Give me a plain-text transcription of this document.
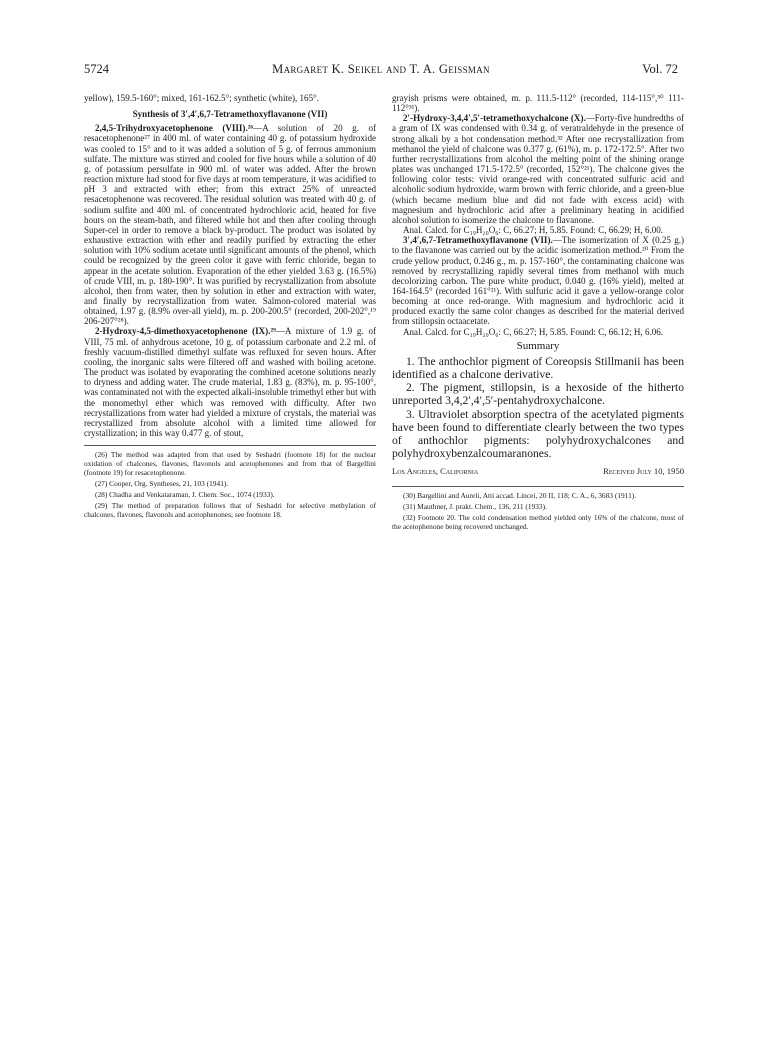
5724	Margaret K. Seikel and T. A. Geissman	Vol. 72

yellow), 159.5-160°; mixed, 161-162.5°; synthetic (white), 165°.

Synthesis of 3′,4′,6,7-Tetramethoxyflavanone (VII)

2,4,5-Trihydroxyacetophenone (VIII).²⁶—A solution of 20 g. of resacetophenone²⁷ in 400 ml. of water containing 40 g. of potassium hydroxide was cooled to 15° and to it was added a solution of 5 g. of ferrous ammonium sulfate. The mixture was stirred and cooled for five hours while a solution of 40 g. of potassium persulfate in 900 ml. of water was added. After the brown reaction mixture had stood for five days at room temperature, it was acidified to pH 3 and extracted with ether; from this extract 25% of unreacted resacetophenone was recovered. The residual solution was treated with 40 g. of sodium sulfite and 400 ml. of concentrated hydrochloric acid, heated for five hours on the steam-bath, and filtered while hot and then after cooling through Super-cel in order to remove a black by-product. The product was isolated by exhaustive extraction with ether and readily purified by extracting the ether solution with 10% sodium acetate until significant amounts of the phenol, which could be recognized by the green color it gave with ferric chloride, began to appear in the acetate solution. Evaporation of the ether yielded 3.63 g. (16.5%) of crude VIII, m. p. 180-190°. It was purified by recrystallization from absolute alcohol, then from water, then by solution in ether and extraction with water, and finally by recrystallization from water. Salmon-colored material was obtained, 1.97 g. (8.9% over-all yield), m. p. 200-200.5° (recorded, 200-202°,¹⁹ 206-207°²⁸).

2-Hydroxy-4,5-dimethoxyacetophenone (IX).²⁹—A mixture of 1.9 g. of VIII, 75 ml. of anhydrous acetone, 10 g. of potassium carbonate and 2.2 ml. of freshly vacuum-distilled dimethyl sulfate was refluxed for seven hours. After cooling, the inorganic salts were filtered off and washed with boiling acetone. The product was isolated by evaporating the combined acetone solutions nearly to dryness and adding water. The crude material, 1.83 g. (83%), m. p. 95-100°, was contaminated not with the expected alkali-insoluble trimethyl ether but with the monomethyl ether which was removed with difficulty. After two recrystallizations from water had yielded a mixture of crystals, the material was recrystallized from absolute alcohol with a limited time allowed for crystallization; in this way 0.477 g. of stout,

(26) The method was adapted from that used by Seshadri (footnote 18) for the nuclear oxidation of chalcones, flavones, flavonols and acetophenones and from that of Bargellini (footnote 19) for resacetophenone.

(27) Cooper, Org. Syntheses, 21, 103 (1941).

(28) Chadha and Venkataraman, J. Chem. Soc., 1074 (1933).

(29) The method of preparation follows that of Seshadri for selective methylation of chalcones, flavones, flavonols and acetophenones; see footnote 18.

grayish prisms were obtained, m. p. 111.5-112° (recorded, 114-115°,³⁰ 111-112°³¹).

2′-Hydroxy-3,4,4′,5′-tetramethoxychalcone (X).—Forty-five hundredths of a gram of IX was condensed with 0.34 g. of veratraldehyde in the presence of strong alkali by a hot condensation method.³² After one recrystallization from methanol the yield of chalcone was 0.377 g. (61%), m. p. 172-172.5°. After two further recrystallizations from alcohol the melting point of the shining orange plates was unchanged 171.5-172.5° (recorded, 152°²¹). The chalcone gives the following color tests: vivid orange-red with concentrated sulfuric acid and alcoholic sodium hydroxide, warm brown with ferric chloride, and a green-blue (which became medium blue and did not fade with excess acid) with magnesium and hydrochloric acid after a preliminary heating in acidified alcohol solution to isomerize the chalcone to flavanone.

Anal. Calcd. for C₁₉H₂₀O₆: C, 66.27; H, 5.85. Found: C, 66.29; H, 6.00.

3′,4′,6,7-Tetramethoxyflavanone (VII).—The isomerization of X (0.25 g.) to the flavanone was carried out by the acidic isomerization method.²⁰ From the crude yellow product, 0.246 g., m. p. 157-160°, the contaminating chalcone was removed by recrystallizing rapidly several times from methanol with much decolorizing carbon. The pure white product, 0.040 g. (16% yield), melted at 164-164.5° (recorded 161°²¹). With sulfuric acid it gave a yellow-orange color becoming at once red-orange. With magnesium and hydrochloric acid it produced exactly the same color changes as described for the material derived from stillopsin octaacetate.

Anal. Calcd. for C₁₉H₂₀O₆: C, 66.27; H, 5.85. Found: C, 66.12; H, 6.06.

Summary

1. The anthochlor pigment of Coreopsis Stillmanii has been identified as a chalcone derivative.

2. The pigment, stillopsin, is a hexoside of the hitherto unreported 3,4,2′,4′,5′-pentahydroxychalcone.

3. Ultraviolet absorption spectra of the acetylated pigments have been found to differentiate clearly between the two types of anthochlor pigments: polyhydroxychalcones and polyhydroxybenzalcoumaranones.

Los Angeles, California	Received July 10, 1950

(30) Bargellini and Aureli, Atti accad. Lincei, 20 II, 118; C. A., 6, 3683 (1911).

(31) Mauthner, J. prakt. Chem., 136, 211 (1933).

(32) Footnote 20. The cold condensation method yielded only 16% of the chalcone, most of the acetophenone being recovered unchanged.
